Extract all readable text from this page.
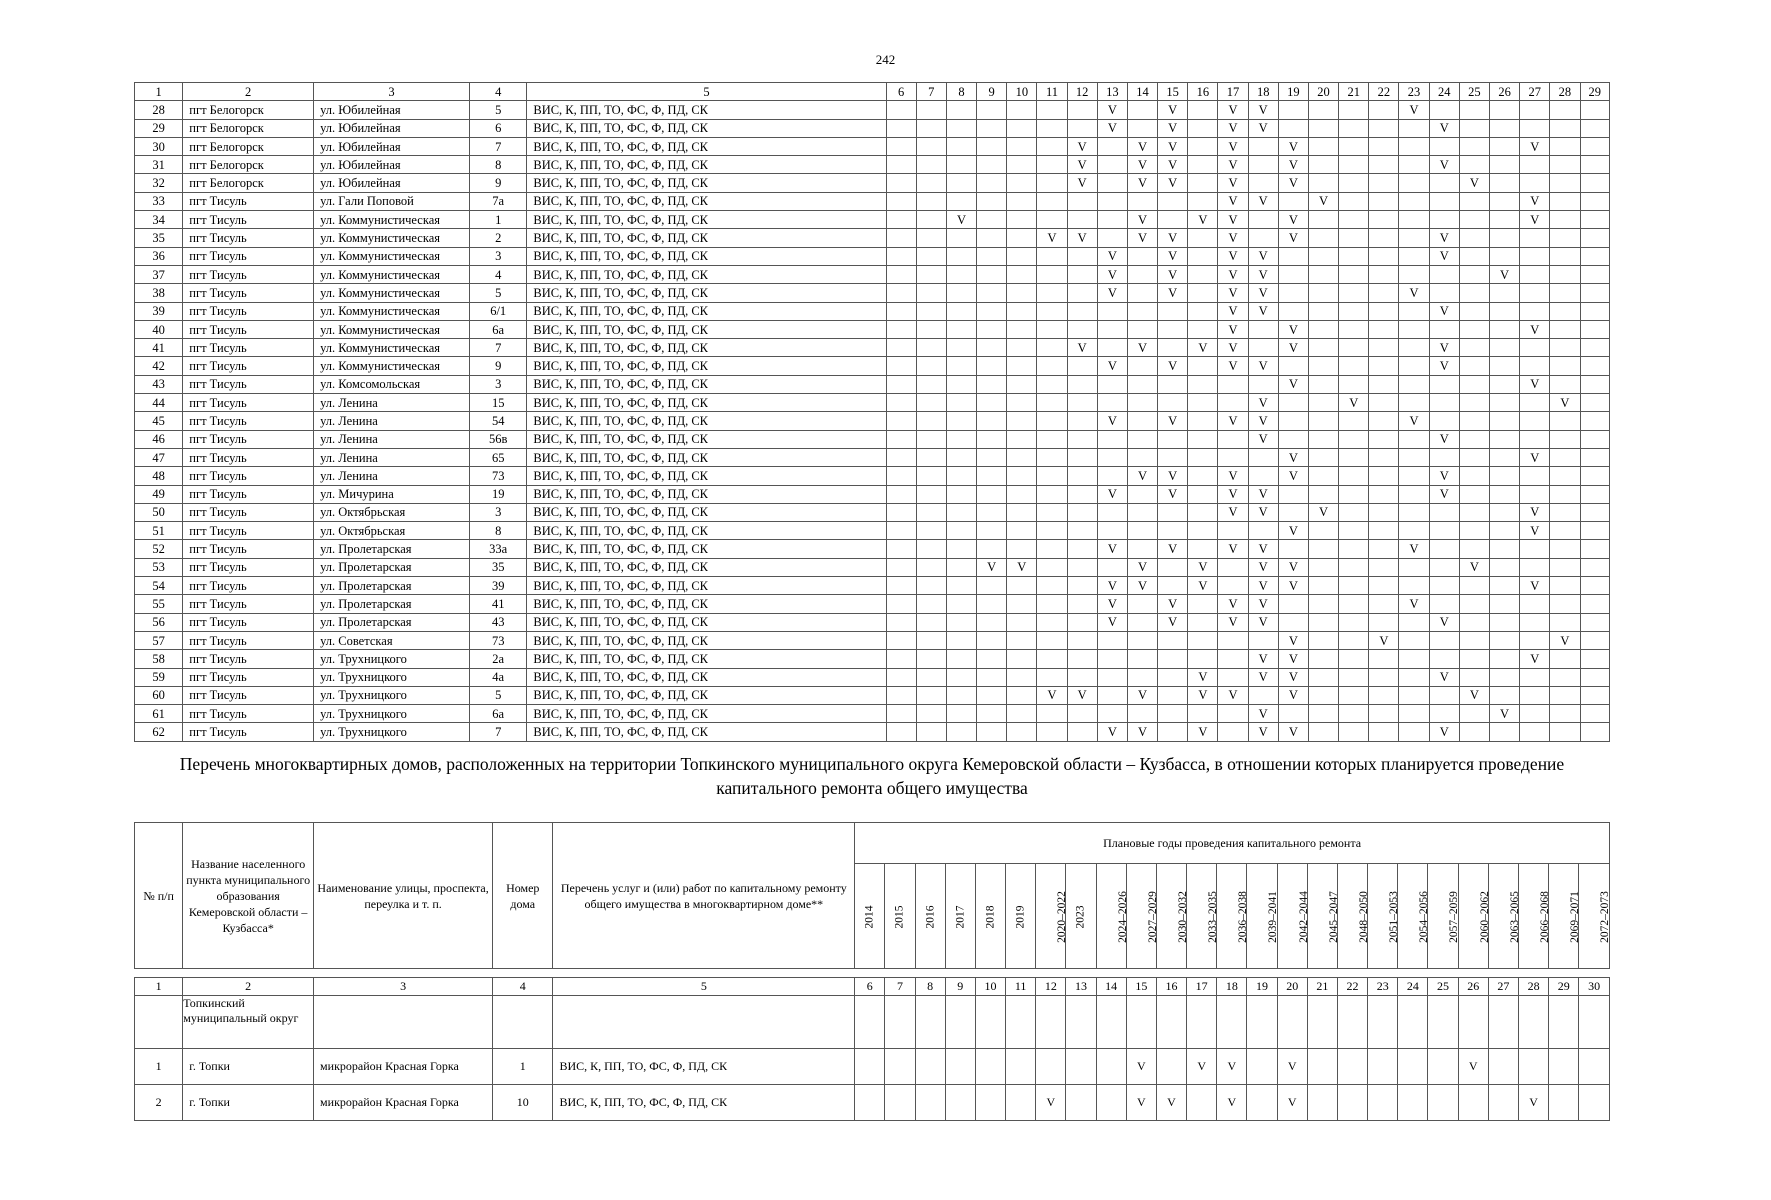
242
1	2	3	4	5	6	7	8	9	10	11	12	13	14	15	16	17	18	19	20	21	22	23	24	25	26	27	28	29
28	пгт Белогорск	ул. Юбилейная	5	ВИС, К, ПП, ТО, ФС, Ф, ПД, СК								V		V		V	V					V						
29	пгт Белогорск	ул. Юбилейная	6	ВИС, К, ПП, ТО, ФС, Ф, ПД, СК								V		V		V	V						V					
30	пгт Белогорск	ул. Юбилейная	7	ВИС, К, ПП, ТО, ФС, Ф, ПД, СК							V		V	V		V		V								V		
31	пгт Белогорск	ул. Юбилейная	8	ВИС, К, ПП, ТО, ФС, Ф, ПД, СК							V		V	V		V		V					V					
32	пгт Белогорск	ул. Юбилейная	9	ВИС, К, ПП, ТО, ФС, Ф, ПД, СК							V		V	V		V		V						V				
33	пгт Тисуль	ул. Гали Поповой	7а	ВИС, К, ПП, ТО, ФС, Ф, ПД, СК												V	V		V							V		
34	пгт Тисуль	ул. Коммунистическая	1	ВИС, К, ПП, ТО, ФС, Ф, ПД, СК			V						V		V	V		V								V		
35	пгт Тисуль	ул. Коммунистическая	2	ВИС, К, ПП, ТО, ФС, Ф, ПД, СК						V	V		V	V		V		V					V					
36	пгт Тисуль	ул. Коммунистическая	3	ВИС, К, ПП, ТО, ФС, Ф, ПД, СК								V		V		V	V						V					
37	пгт Тисуль	ул. Коммунистическая	4	ВИС, К, ПП, ТО, ФС, Ф, ПД, СК								V		V		V	V								V			
38	пгт Тисуль	ул. Коммунистическая	5	ВИС, К, ПП, ТО, ФС, Ф, ПД, СК								V		V		V	V					V						
39	пгт Тисуль	ул. Коммунистическая	6/1	ВИС, К, ПП, ТО, ФС, Ф, ПД, СК												V	V						V					
40	пгт Тисуль	ул. Коммунистическая	6а	ВИС, К, ПП, ТО, ФС, Ф, ПД, СК												V		V								V		
41	пгт Тисуль	ул. Коммунистическая	7	ВИС, К, ПП, ТО, ФС, Ф, ПД, СК							V		V		V	V		V					V					
42	пгт Тисуль	ул. Коммунистическая	9	ВИС, К, ПП, ТО, ФС, Ф, ПД, СК								V		V		V	V						V					
43	пгт Тисуль	ул. Комсомольская	3	ВИС, К, ПП, ТО, ФС, Ф, ПД, СК														V								V		
44	пгт Тисуль	ул. Ленина	15	ВИС, К, ПП, ТО, ФС, Ф, ПД, СК													V			V							V	
45	пгт Тисуль	ул. Ленина	54	ВИС, К, ПП, ТО, ФС, Ф, ПД, СК								V		V		V	V					V						
46	пгт Тисуль	ул. Ленина	56в	ВИС, К, ПП, ТО, ФС, Ф, ПД, СК													V						V					
47	пгт Тисуль	ул. Ленина	65	ВИС, К, ПП, ТО, ФС, Ф, ПД, СК														V								V		
48	пгт Тисуль	ул. Ленина	73	ВИС, К, ПП, ТО, ФС, Ф, ПД, СК									V	V		V		V					V					
49	пгт Тисуль	ул. Мичурина	19	ВИС, К, ПП, ТО, ФС, Ф, ПД, СК								V		V		V	V						V					
50	пгт Тисуль	ул. Октябрьская	3	ВИС, К, ПП, ТО, ФС, Ф, ПД, СК												V	V		V							V		
51	пгт Тисуль	ул. Октябрьская	8	ВИС, К, ПП, ТО, ФС, Ф, ПД, СК														V								V		
52	пгт Тисуль	ул. Пролетарская	33а	ВИС, К, ПП, ТО, ФС, Ф, ПД, СК								V		V		V	V					V						
53	пгт Тисуль	ул. Пролетарская	35	ВИС, К, ПП, ТО, ФС, Ф, ПД, СК				V	V				V		V		V	V						V				
54	пгт Тисуль	ул. Пролетарская	39	ВИС, К, ПП, ТО, ФС, Ф, ПД, СК								V	V		V		V	V								V		
55	пгт Тисуль	ул. Пролетарская	41	ВИС, К, ПП, ТО, ФС, Ф, ПД, СК								V		V		V	V					V						
56	пгт Тисуль	ул. Пролетарская	43	ВИС, К, ПП, ТО, ФС, Ф, ПД, СК								V		V		V	V						V					
57	пгт Тисуль	ул. Советская	73	ВИС, К, ПП, ТО, ФС, Ф, ПД, СК														V			V						V	
58	пгт Тисуль	ул. Трухницкого	2а	ВИС, К, ПП, ТО, ФС, Ф, ПД, СК													V	V								V		
59	пгт Тисуль	ул. Трухницкого	4а	ВИС, К, ПП, ТО, ФС, Ф, ПД, СК											V		V	V					V					
60	пгт Тисуль	ул. Трухницкого	5	ВИС, К, ПП, ТО, ФС, Ф, ПД, СК						V	V		V		V	V		V						V				
61	пгт Тисуль	ул. Трухницкого	6а	ВИС, К, ПП, ТО, ФС, Ф, ПД, СК													V								V			
62	пгт Тисуль	ул. Трухницкого	7	ВИС, К, ПП, ТО, ФС, Ф, ПД, СК								V	V		V		V	V					V					
Перечень многоквартирных домов, расположенных на территории Топкинского муниципального округа Кемеровской области – Кузбасса, в отношении которых планируется проведение капитального ремонта общего имущества
№ п/п	Название населенного пункта муниципального образования Кемеровской области – Кузбасса*	Наименование улицы, проспекта, переулка и т. п.	Номер дома	Перечень услуг и (или) работ по капитальному ремонту общего имущества в многоквартирном доме**	Плановые годы проведения капитального ремонта																								
					2014	2015	2016	2017	2018	2019	2020–2022	2023	2024–2026	2027–2029	2030–2032	2033–2035	2036–2038	2039–2041	2042–2044	2045–2047	2048–2050	2051–2053	2054–2056	2057–2059	2060–2062	2063–2065	2066–2068	2069–2071	2072–2073

1	2	3	4	5	6	7	8	9	10	11	12	13	14	15	16	17	18	19	20	21	22	23	24	25	26	27	28	29	30
	Топкинский муниципальный округ																												
1	г. Топки	микрорайон Красная Горка	1	ВИС, К, ПП, ТО, ФС, Ф, ПД, СК										V		V	V		V						V				
2	г. Топки	микрорайон Красная Горка	10	ВИС, К, ПП, ТО, ФС, Ф, ПД, СК							V			V	V		V		V								V		
